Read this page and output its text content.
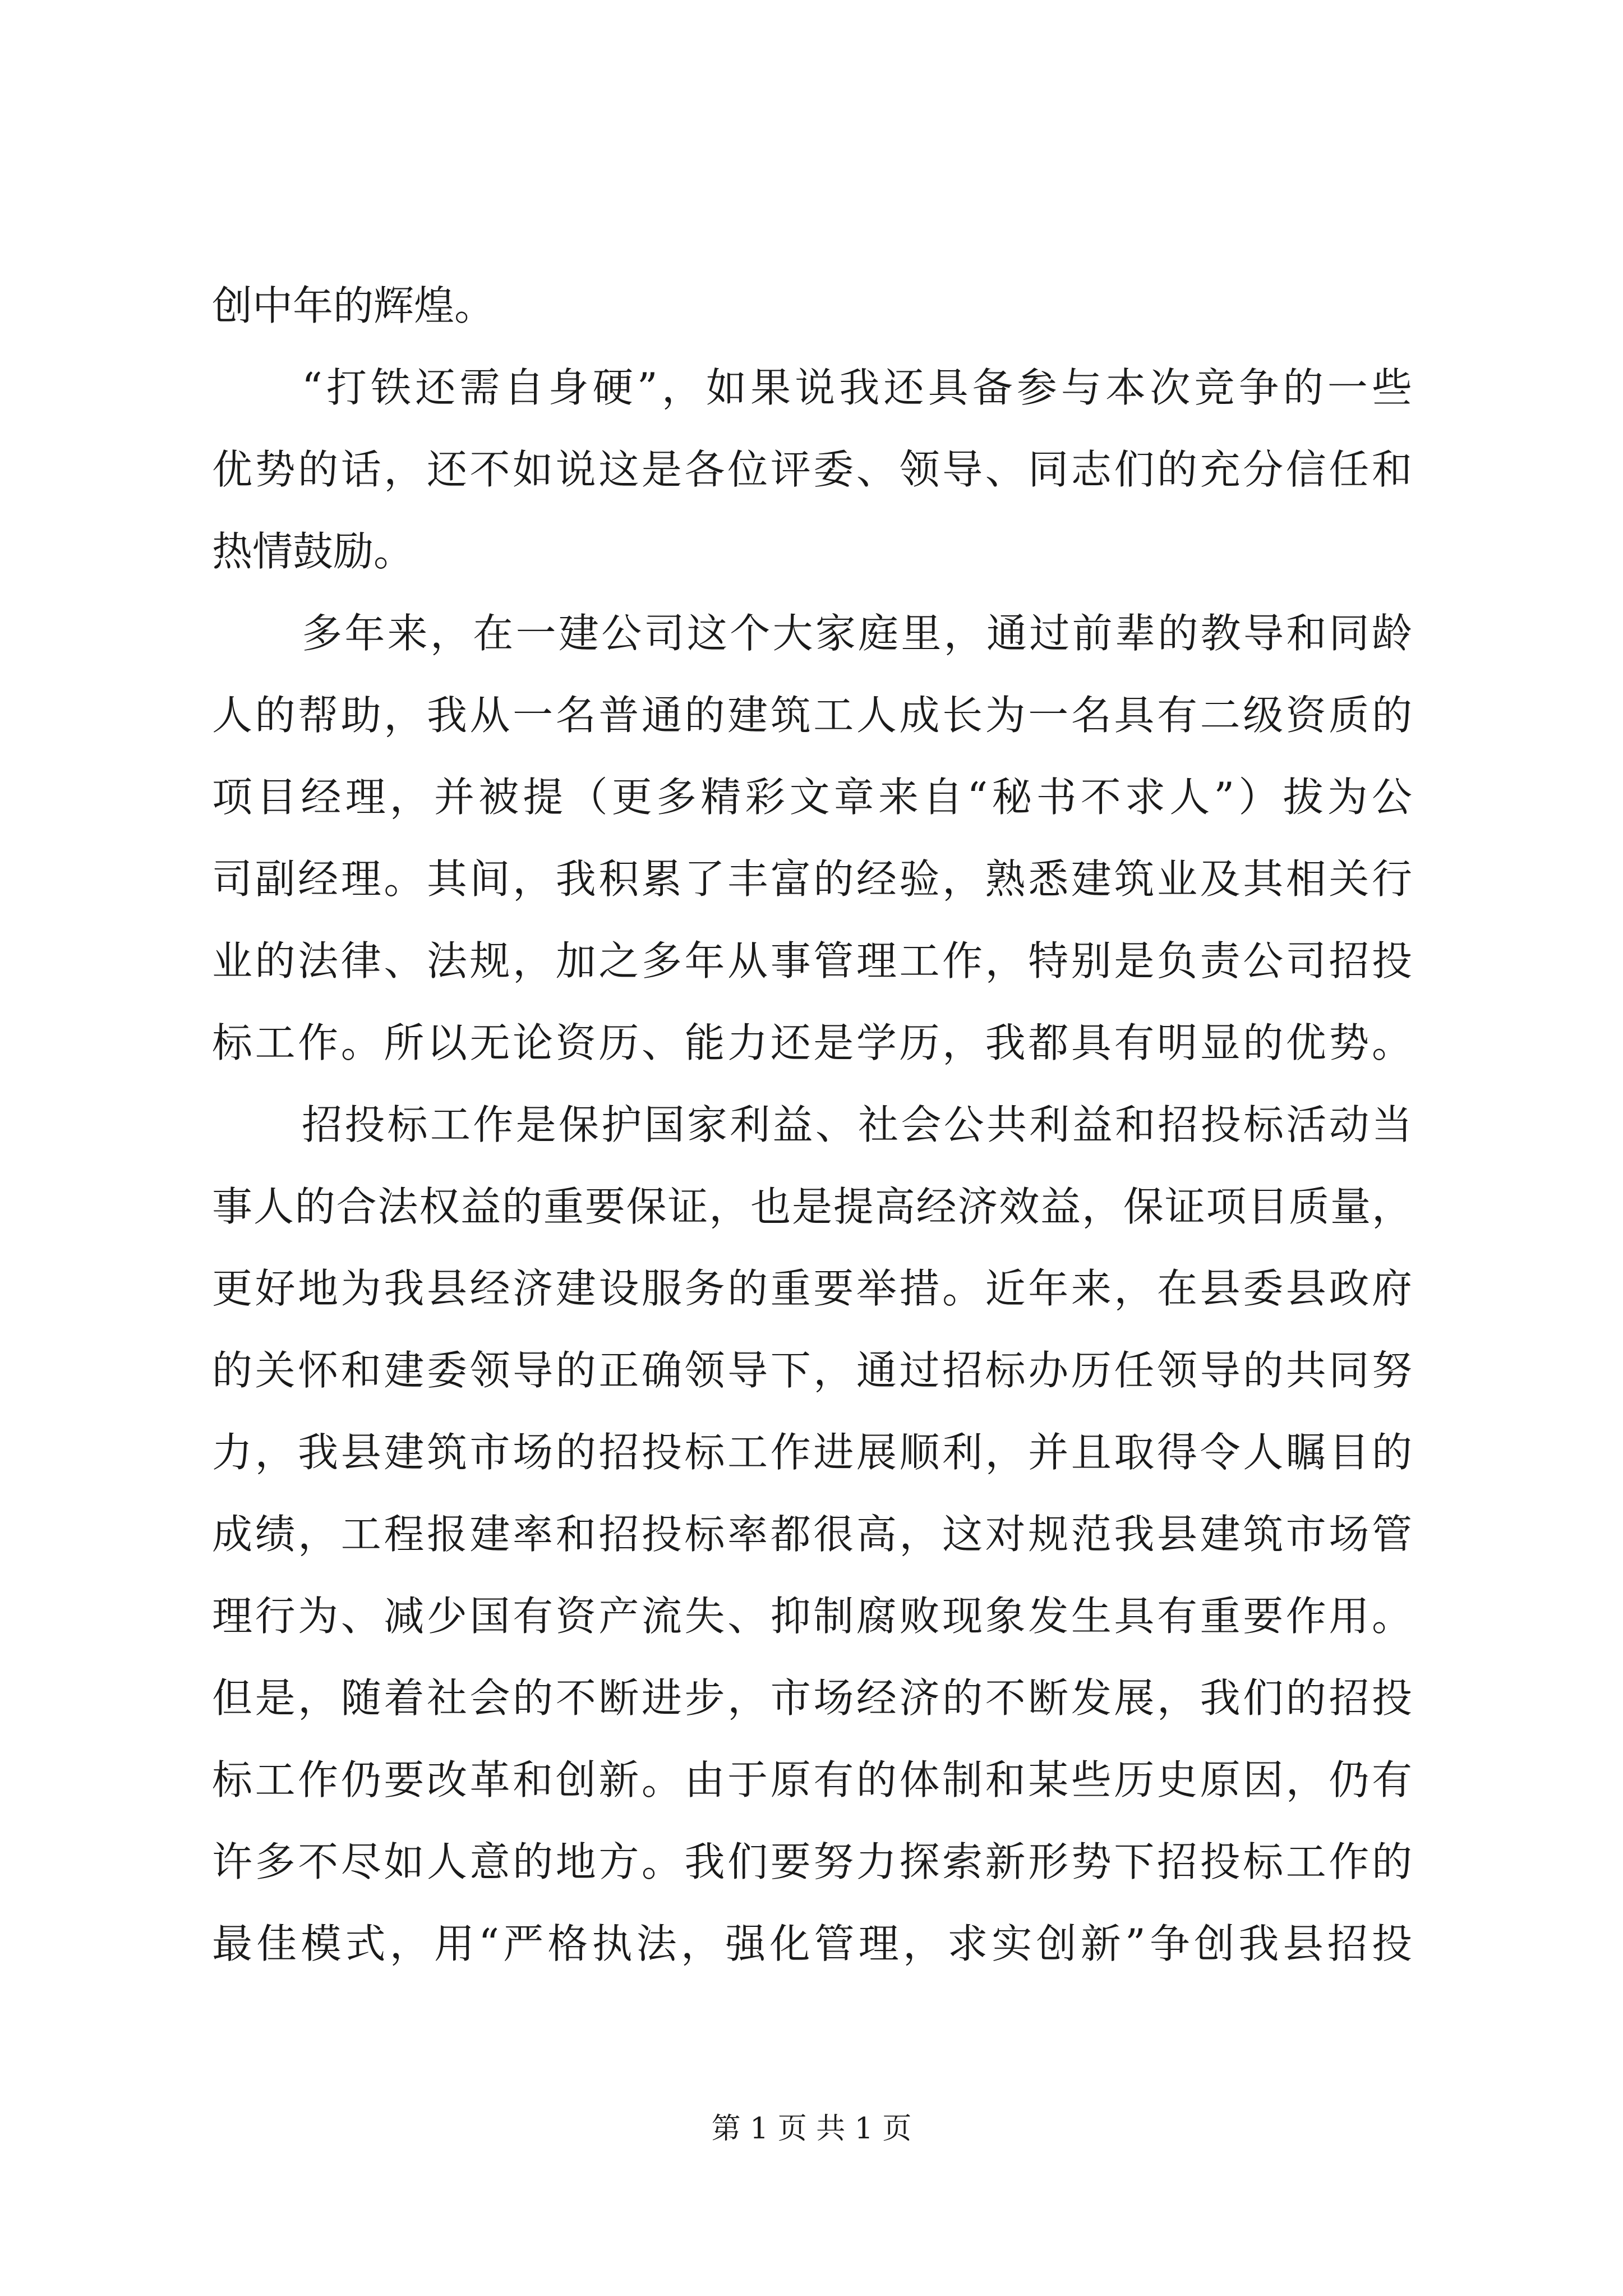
创中年的辉煌。
“打铁还需自身硬”，如果说我还具备参与本次竞争的一些
优势的话，还不如说这是各位评委、领导、同志们的充分信任和
热情鼓励。
多年来，在一建公司这个大家庭里，通过前辈的教导和同龄
人的帮助，我从一名普通的建筑工人成长为一名具有二级资质的
项目经理，并被提（更多精彩文章来自“秘书不求人”）拔为公
司副经理。其间，我积累了丰富的经验，熟悉建筑业及其相关行
业的法律、法规，加之多年从事管理工作，特别是负责公司招投
标工作。所以无论资历、能力还是学历，我都具有明显的优势。
招投标工作是保护国家利益、社会公共利益和招投标活动当
事人的合法权益的重要保证，也是提高经济效益，保证项目质量，
更好地为我县经济建设服务的重要举措。近年来，在县委县政府
的关怀和建委领导的正确领导下，通过招标办历任领导的共同努
力，我县建筑市场的招投标工作进展顺利，并且取得令人瞩目的
成绩，工程报建率和招投标率都很高，这对规范我县建筑市场管
理行为、减少国有资产流失、抑制腐败现象发生具有重要作用。
但是，随着社会的不断进步，市场经济的不断发展，我们的招投
标工作仍要改革和创新。由于原有的体制和某些历史原因，仍有
许多不尽如人意的地方。我们要努力探索新形势下招投标工作的
最佳模式，用“严格执法，强化管理，求实创新”争创我县招投
第 1 页 共 1 页
